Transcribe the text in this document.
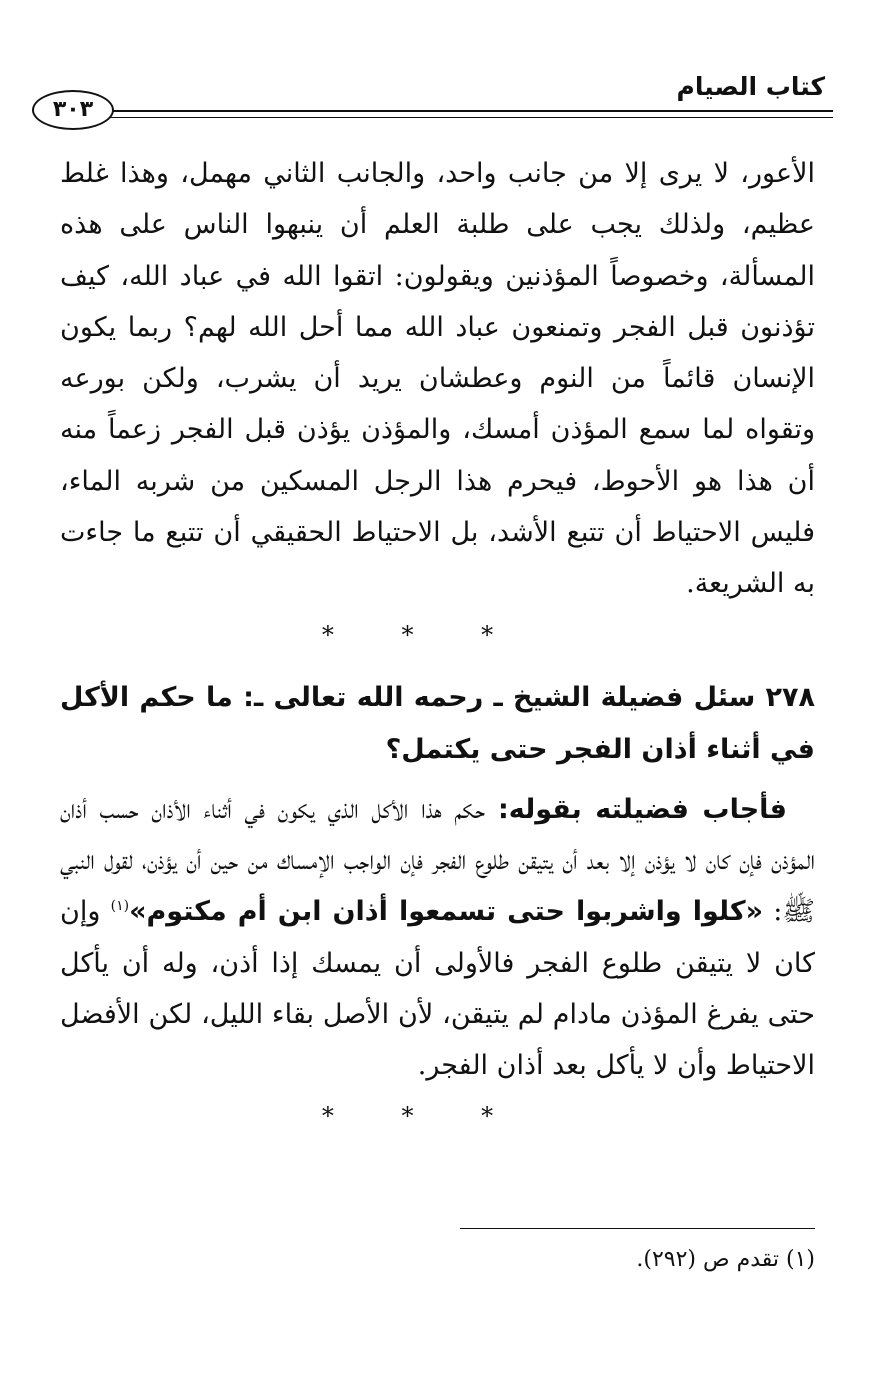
كتاب الصيام
٣٠٣

الأعور، لا يرى إلا من جانب واحد، والجانب الثاني مهمل، وهذا غلط عظيم، ولذلك يجب على طلبة العلم أن ينبهوا الناس على هذه المسألة، وخصوصاً المؤذنين ويقولون: اتقوا الله في عباد الله، كيف تؤذنون قبل الفجر وتمنعون عباد الله مما أحل الله لهم؟ ربما يكون الإنسان قائماً من النوم وعطشان يريد أن يشرب، ولكن بورعه وتقواه لما سمع المؤذن أمسك، والمؤذن يؤذن قبل الفجر زعماً منه أن هذا هو الأحوط، فيحرم هذا الرجل المسكين من شربه الماء، فليس الاحتياط أن تتبع الأشد، بل الاحتياط الحقيقي أن تتبع ما جاءت به الشريعة.

* * *

٢٧٨ سئل فضيلة الشيخ ـ رحمه الله تعالى ـ: ما حكم الأكل في أثناء أذان الفجر حتى يكتمل؟

فأجاب فضيلته بقوله: حكم هذا الأكل الذي يكون في أثناء الأذان حسب أذان المؤذن فإن كان لا يؤذن إلا بعد أن يتيقن طلوع الفجر فإن الواجب الإمساك من حين أن يؤذن، لقول النبي ﷺ: «كلوا واشربوا حتى تسمعوا أذان ابن أم مكتوم»$^{(١)}$ وإن كان لا يتيقن طلوع الفجر فالأولى أن يمسك إذا أذن، وله أن يأكل حتى يفرغ المؤذن مادام لم يتيقن، لأن الأصل بقاء الليل، لكن الأفضل الاحتياط وأن لا يأكل بعد أذان الفجر.

* * *

(١) تقدم ص (٢٩٢).
